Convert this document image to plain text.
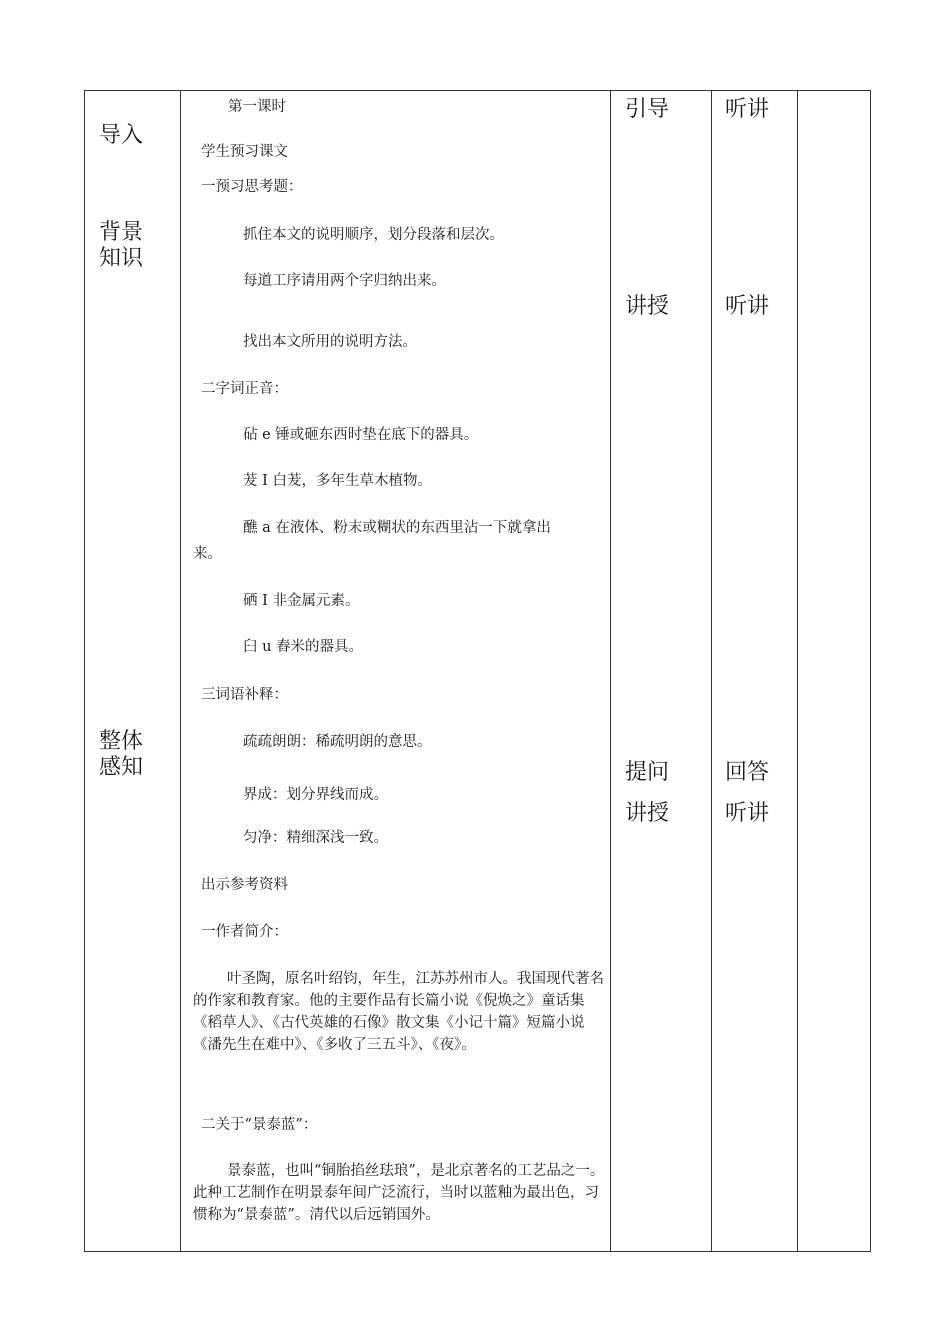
导入
背景
知识
整体
感知
引导
讲授
提问
讲授
听讲
听讲
回答
听讲
第一课时
学生预习课文
一预习思考题：
抓住本文的说明顺序，划分段落和层次。
每道工序请用两个字归纳出来。
找出本文所用的说明方法。
二字词正音：
砧 e 锤或砸东西时垫在底下的器具。
茇 I 白茇，多年生草木植物。
醮 a 在液体、粉末或糊状的东西里沾一下就拿出
来。
硒 I 非金属元素。
臼 u 舂米的器具。
三词语补释：
疏疏朗朗：稀疏明朗的意思。
界成：划分界线而成。
匀净：精细深浅一致。
出示参考资料
一作者简介：
叶圣陶，原名叶绍钧，年生，江苏苏州市人。我国现代著名的作家和教育家。他的主要作品有长篇小说《倪焕之》童话集《稻草人》、《古代英雄的石像》散文集《小记十篇》短篇小说《潘先生在难中》、《多收了三五斗》、《夜》。
二关于“景泰蓝”：
景泰蓝，也叫“铜胎掐丝珐琅”，是北京著名的工艺品之一。此种工艺制作在明景泰年间广泛流行，当时以蓝釉为最出色，习惯称为“景泰蓝”。清代以后远销国外。
